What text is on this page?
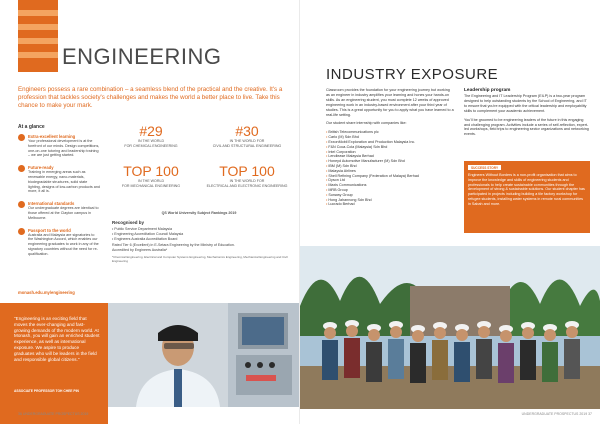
ENGINEERING
Engineers possess a rare combination – a seamless blend of the practical and the creative. It's a profession that tackles society's challenges and makes the world a better place to live. Take this chance to make your mark.
At a glance
Extra-excellent learning
Your professional development is at the forefront of our minds. Design competitions, one-on-one tutoring and leadership training – we are just getting started.
Future-ready
Training in emerging areas such as renewable energy, nano-materials, biodegradable structures, solid state lighting, designs of low-carbon products and more, it all is.
International standards
Our undergraduate degrees are identical to those offered at the Clayton campus in Melbourne.
Passport to the world
Australia and Malaysia are signatories to the Washington Accord, which enables our engineering graduates to work in any of the signatory countries without the need for re-qualification.
#29
IN THE WORLD
FOR CHEMICAL ENGINEERING
#30
IN THE WORLD FOR
CIVIL AND STRUCTURAL ENGINEERING
TOP 100
IN THE WORLD
FOR MECHANICAL ENGINEERING
TOP 100
IN THE WORLD FOR
ELECTRICAL AND ELECTRONIC ENGINEERING
QS World University Subject Rankings 2019
Recognised by
• Public Service Department Malaysia
• Engineering Accreditation Council Malaysia
• Engineers Australia Accreditation Board
Rated Tier 6 (Excellent) in E-Setara Engineering by the Ministry of Education.
Accredited by Engineers Australia*
*Chemical Engineering, Electrical and Computer Systems Engineering, Mechatronics Engineering, Mechanical Engineering and Civil Engineering
monash.edu.my/engineering
"Engineering is an exciting field that moves the ever-changing and fast-growing demands of the modern world. At Monash, you will gain an enriched student experience, as well as international exposure. We aspire to produce graduates who will be leaders in the field and responsible global citizens."
ASSOCIATE PROFESSOR TOH CHEE PIN
36 UNDERGRADUATE PROSPECTUS 2019
INDUSTRY EXPOSURE

Classroom provides the foundation for your engineering journey but working as an engineer in industry amplifies your learning and hones your hands-on skills. As an engineering student, you must complete 12 weeks of approved engineering work in an industry-based environment after your third year of studies. This is a great opportunity for you to apply what you have learned to a real-life setting.

Our student share internship with companies like:

• British Telecommunications plc
• Carlo (M) Sdn Bhd
• ExxonMobil Exploration and Production Malaysia Inc.
• F&N Coca-Cola (Malaysia) Sdn Bhd
• Intel Corporation
• Lendlease Malaysia Berhad
• Honeyd Automotive Manufacturer (M) Sdn Bhd
• IBM (M) Sdn Bhd
• Malaysia Airlines
• Shell Refining Company (Federation of Malaya) Berhad
• Dyson Ltd
• Maxis Communications
• MRB Group
• Sunway Group
• Hong Jahannong Sdn Bhd
• Lucrado Berhad
Leadership program

The Engineering and IT Leadership Program (EILP) is a two-year program designed to help outstanding students by the School of Engineering, and IT to ensure that you're equipped with the critical leadership and employability skills to complement your academic achievement.

You'll be groomed to be engineering leaders of the future in this engaging and challenging program. Activities include a series of self-reflection, expert-led workshops, field trips to engineering sector organizations and networking events.

SUCCESS STORY
Engineers Without Borders is a non-profit organisation that aims to improve the knowledge and skills of engineering students and professionals to help create sustainable communities through the development of strong & sustainable solutions. Our student chapter has participated in projects including building a tile factory workshop for refugee students, installing water systems in remote rural communities in Sabah and more.
UNDERGRADUATE PROSPECTUS 2019 37
